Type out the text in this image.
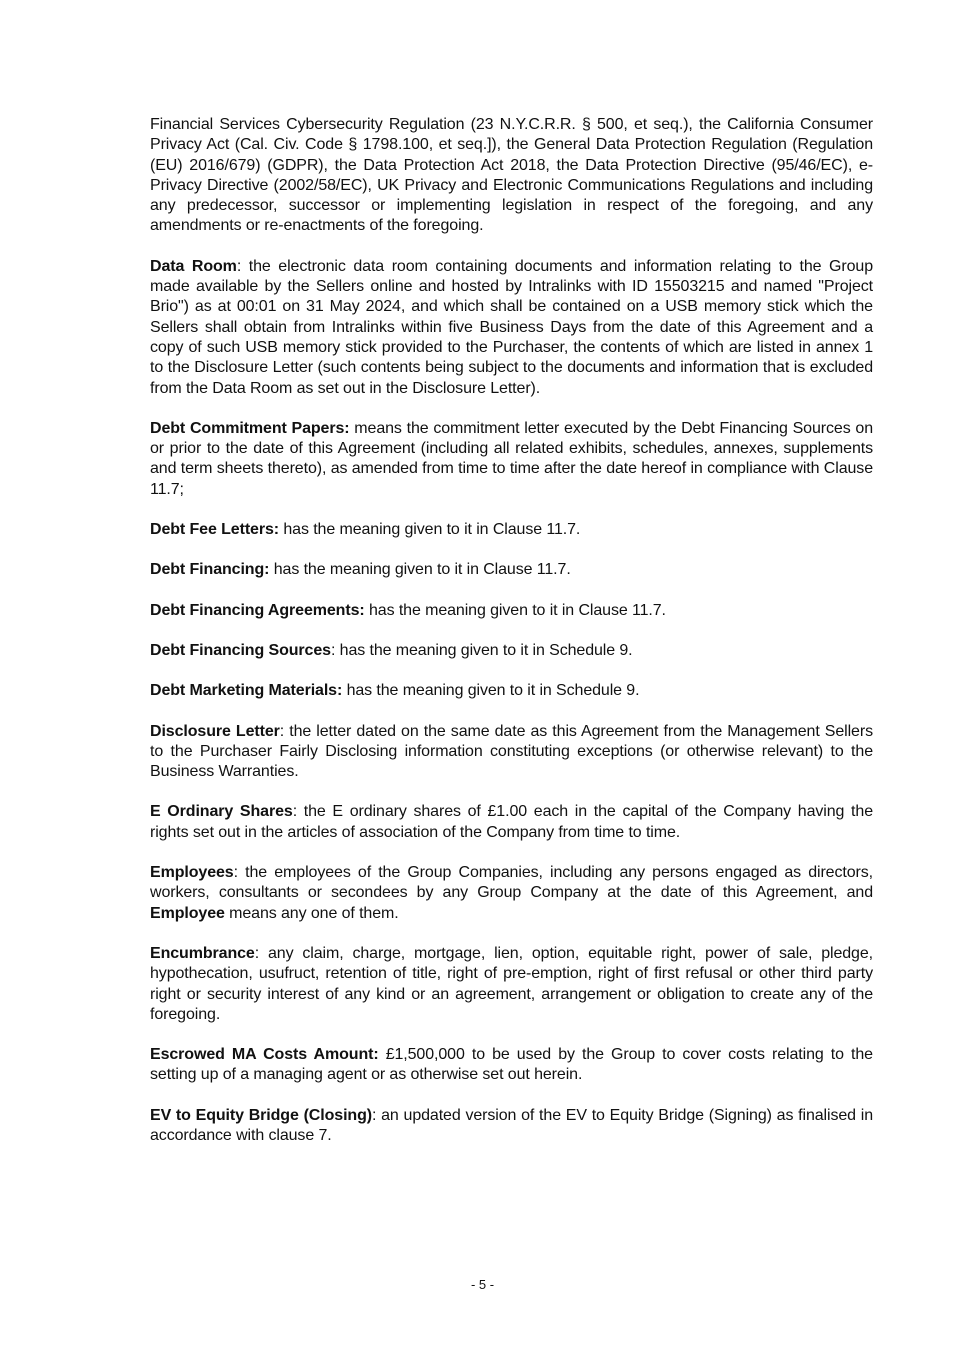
Financial Services Cybersecurity Regulation (23 N.Y.C.R.R. § 500, et seq.), the California Consumer Privacy Act (Cal. Civ. Code § 1798.100, et seq.]), the General Data Protection Regulation (Regulation (EU) 2016/679) (GDPR), the Data Protection Act 2018, the Data Protection Directive (95/46/EC), e-Privacy Directive (2002/58/EC), UK Privacy and Electronic Communications Regulations and including any predecessor, successor or implementing legislation in respect of the foregoing, and any amendments or re-enactments of the foregoing.

Data Room: the electronic data room containing documents and information relating to the Group made available by the Sellers online and hosted by Intralinks with ID 15503215 and named "Project Brio") as at 00:01 on 31 May 2024, and which shall be contained on a USB memory stick which the Sellers shall obtain from Intralinks within five Business Days from the date of this Agreement and a copy of such USB memory stick provided to the Purchaser, the contents of which are listed in annex 1 to the Disclosure Letter (such contents being subject to the documents and information that is excluded from the Data Room as set out in the Disclosure Letter).

Debt Commitment Papers: means the commitment letter executed by the Debt Financing Sources on or prior to the date of this Agreement (including all related exhibits, schedules, annexes, supplements and term sheets thereto), as amended from time to time after the date hereof in compliance with Clause 11.7;

Debt Fee Letters: has the meaning given to it in Clause 11.7.

Debt Financing: has the meaning given to it in Clause 11.7.

Debt Financing Agreements: has the meaning given to it in Clause 11.7.

Debt Financing Sources: has the meaning given to it in Schedule 9.

Debt Marketing Materials: has the meaning given to it in Schedule 9.

Disclosure Letter: the letter dated on the same date as this Agreement from the Management Sellers to the Purchaser Fairly Disclosing information constituting exceptions (or otherwise relevant) to the Business Warranties.

E Ordinary Shares: the E ordinary shares of £1.00 each in the capital of the Company having the rights set out in the articles of association of the Company from time to time.

Employees: the employees of the Group Companies, including any persons engaged as directors, workers, consultants or secondees by any Group Company at the date of this Agreement, and Employee means any one of them.

Encumbrance: any claim, charge, mortgage, lien, option, equitable right, power of sale, pledge, hypothecation, usufruct, retention of title, right of pre-emption, right of first refusal or other third party right or security interest of any kind or an agreement, arrangement or obligation to create any of the foregoing.

Escrowed MA Costs Amount: £1,500,000 to be used by the Group to cover costs relating to the setting up of a managing agent or as otherwise set out herein.

EV to Equity Bridge (Closing): an updated version of the EV to Equity Bridge (Signing) as finalised in accordance with clause 7.

- 5 -
